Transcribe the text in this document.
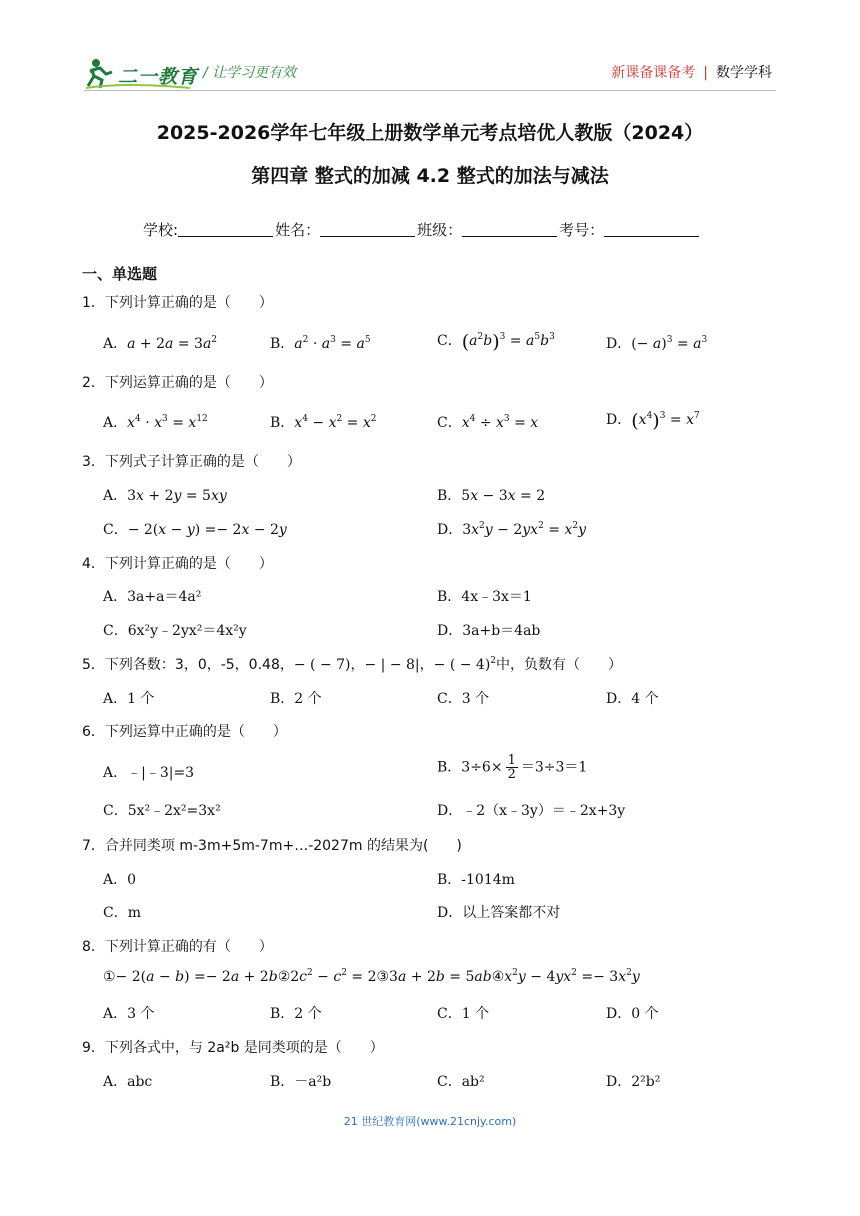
二一教育 / 让学习更有效	新课备课备考 | 数学学科
2025-2026学年七年级上册数学单元考点培优人教版（2024）
第四章 整式的加减 4.2 整式的加法与减法
学校:	姓名：	班级：	考号：
一、单选题
1．下列计算正确的是（　　）
A．$a + 2a = 3a^2$	B．$a^2 \cdot a^3 = a^5$	C．$(a^2b)^3 = a^5b^3$	D．(− $a)^3 = a^3$
2．下列运算正确的是（　　）
A．$x^4 \cdot x^3 = x^{12}$	B．$x^4 - x^2 = x^2$	C．$x^4 \div x^3 = x$	D．$(x^4)^3 = x^7$
3．下列式子计算正确的是（　　）
A．3x + 2y = 5xy	B．5x − 3x = 2
C．− 2(x − y) =− 2x − 2y	D．$3x^2y - 2yx^2 = x^2y$
4．下列计算正确的是（　　）
A．3a+a＝4a²	B．4x﹣3x＝1
C．6x²y﹣2yx²＝4x²y	D．3a+b＝4ab
5．下列各数：3，0，-5，0.48，− ( − 7)，− | − 8|，− ( − 4)$^2$中，负数有（　　）
A．1 个	B．2 个	C．3 个	D．4 个
6．下列运算中正确的是（　　）
A．﹣|﹣3|=3	B．$3\div 6\times \frac{1}{2} =3\div 3=1$
C．5x²﹣2x²=3x²	D．﹣2（x﹣3y）＝﹣2x+3y
7．合并同类项 m-3m+5m-7m+…-2027m 的结果为(　　)
A．0	B．-1014m
C．m	D．以上答案都不对
8．下列计算正确的有（　　）
①− $2(a - b) =- 2a + 2b②2c^2 - c^2$ = 2③3a + $2b = 5ab④x^2y - 4yx^2 =- 3x^2y$
A．3 个	B．2 个	C．1 个	D．0 个
9．下列各式中，与 2a²b 是同类项的是（　　）
A．abc	B．－a²b	C．ab²	D．2²b²
21 世纪教育网(www.21cnjy.com)
